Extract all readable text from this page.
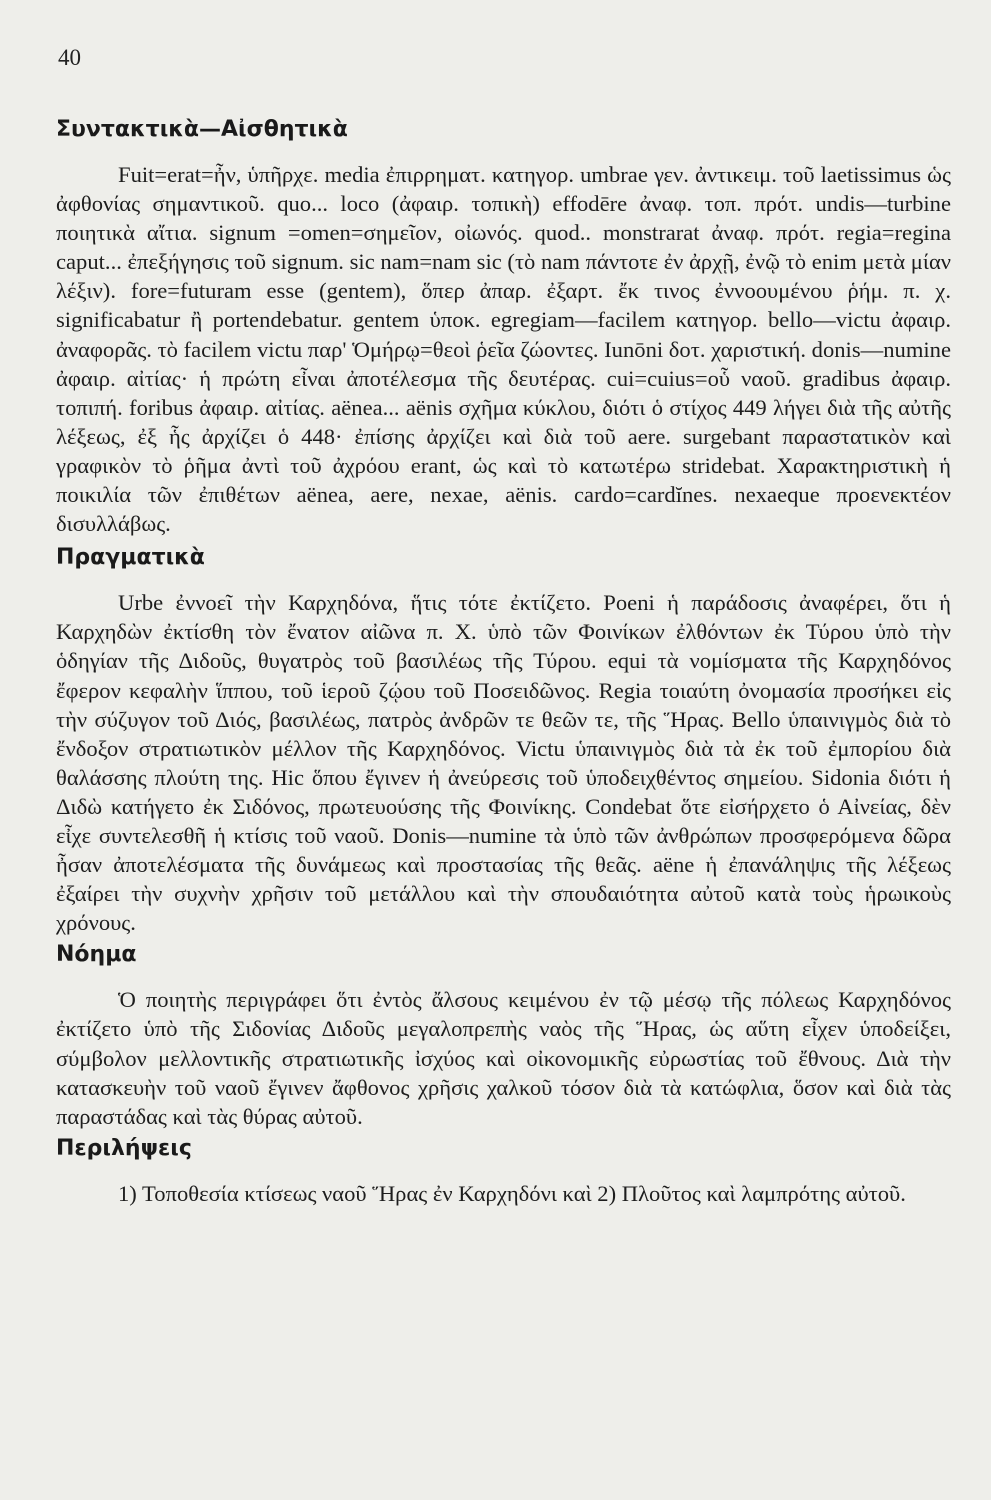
40
Συντακτικὰ—Αἰσθητικὰ

Fuit=erat=ἦν, ὑπῆρχε. media ἐπιρρηματ. κατηγορ. umbrae γεν. ἀντικειμ. τοῦ laetissimus ὡς ἀφθονίας σημαντικοῦ. quo... loco (ἀφαιρ. τοπικὴ) effodēre ἀναφ. τοπ. πρότ. undis—turbine ποιητικὰ αἴτια. signum =omen=σημεῖον, οἰωνός. quod.. monstrarat ἀναφ. πρότ. regia=regina caput... ἐπεξήγησις τοῦ signum. sic nam=nam sic (τὸ nam πάντοτε ἐν ἀρχῇ, ἐνῷ τὸ enim μετὰ μίαν λέξιν). fore=futuram esse (gentem), ὅπερ ἀπαρ. ἐξαρτ. ἔκ τινος ἐννοουμένου ῥήμ. π. χ. significabatur ἢ portendebatur. gentem ὑποκ. egregiam—facilem κατηγορ. bello—victu ἀφαιρ. ἀναφορᾶς. τὸ facilem victu παρ' Ὁμήρῳ=θεοὶ ῥεῖα ζώοντες. Iunōni δοτ. χαριστική. donis—numine ἀφαιρ. αἰτίας· ἡ πρώτη εἶναι ἀποτέλεσμα τῆς δευτέρας. cui=cuius=οὗ ναοῦ. gradibus ἀφαιρ. τοπιπή. foribus ἀφαιρ. αἰτίας. aënea... aënis σχῆμα κύκλου, διότι ὁ στίχος 449 λήγει διὰ τῆς αὐτῆς λέξεως, ἐξ ἧς ἀρχίζει ὁ 448· ἐπίσης ἀρχίζει καὶ διὰ τοῦ aere. surgebant παραστατικὸν καὶ γραφικὸν τὸ ῥῆμα ἀντὶ τοῦ ἀχρόου erant, ὡς καὶ τὸ κατωτέρω stridebat. Χαρακτηριστικὴ ἡ ποικιλία τῶν ἐπιθέτων aënea, aere, nexae, aënis. cardo=cardĭnes. nexaeque προενεκτέον δισυλλάβως.

Πραγματικὰ

Urbe ἐννοεῖ τὴν Καρχηδόνα, ἥτις τότε ἐκτίζετο. Poeni ἡ παράδοσις ἀναφέρει, ὅτι ἡ Καρχηδὼν ἐκτίσθη τὸν ἔνατον αἰῶνα π. Χ. ὑπὸ τῶν Φοινίκων ἐλθόντων ἐκ Τύρου ὑπὸ τὴν ὁδηγίαν τῆς Διδοῦς, θυγατρὸς τοῦ βασιλέως τῆς Τύρου. equi τὰ νομίσματα τῆς Καρχηδόνος ἔφερον κεφαλὴν ἵππου, τοῦ ἱεροῦ ζῴου τοῦ Ποσειδῶνος. Regia τοιαύτη ὀνομασία προσήκει εἰς τὴν σύζυγον τοῦ Διός, βασιλέως, πατρὸς ἀνδρῶν τε θεῶν τε, τῆς Ἥρας. Bello ὑπαινιγμὸς διὰ τὸ ἔνδοξον στρατιωτικὸν μέλλον τῆς Καρχηδόνος. Victu ὑπαινιγμὸς διὰ τὰ ἐκ τοῦ ἐμπορίου διὰ θαλάσσης πλούτη της. Hic ὅπου ἔγινεν ἡ ἀνεύρεσις τοῦ ὑποδειχθέντος σημείου. Sidonia διότι ἡ Διδὼ κατήγετο ἐκ Σιδόνος, πρωτευούσης τῆς Φοινίκης. Condebat ὅτε εἰσήρχετο ὁ Αἰνείας, δὲν εἶχε συντελεσθῆ ἡ κτίσις τοῦ ναοῦ. Donis—numine τὰ ὑπὸ τῶν ἀνθρώπων προσφερόμενα δῶρα ἦσαν ἀποτελέσματα τῆς δυνάμεως καὶ προστασίας τῆς θεᾶς. aëne ἡ ἐπανάληψις τῆς λέξεως ἐξαίρει τὴν συχνὴν χρῆσιν τοῦ μετάλλου καὶ τὴν σπουδαιότητα αὐτοῦ κατὰ τοὺς ἡρωικοὺς χρόνους.

Νόημα

Ὁ ποιητὴς περιγράφει ὅτι ἐντὸς ἄλσους κειμένου ἐν τῷ μέσῳ τῆς πόλεως Καρχηδόνος ἐκτίζετο ὑπὸ τῆς Σιδονίας Διδοῦς μεγαλοπρεπὴς ναὸς τῆς Ἥρας, ὡς αὕτη εἶχεν ὑποδείξει, σύμβολον μελλοντικῆς στρατιωτικῆς ἰσχύος καὶ οἰκονομικῆς εὐρωστίας τοῦ ἔθνους. Διὰ τὴν κατασκευὴν τοῦ ναοῦ ἔγινεν ἄφθονος χρῆσις χαλκοῦ τόσον διὰ τὰ κατώφλια, ὅσον καὶ διὰ τὰς παραστάδας καὶ τὰς θύρας αὐτοῦ.

Περιλήψεις

1) Τοποθεσία κτίσεως ναοῦ Ἥρας ἐν Καρχηδόνι καὶ 2) Πλοῦτος καὶ λαμπρότης αὐτοῦ.
